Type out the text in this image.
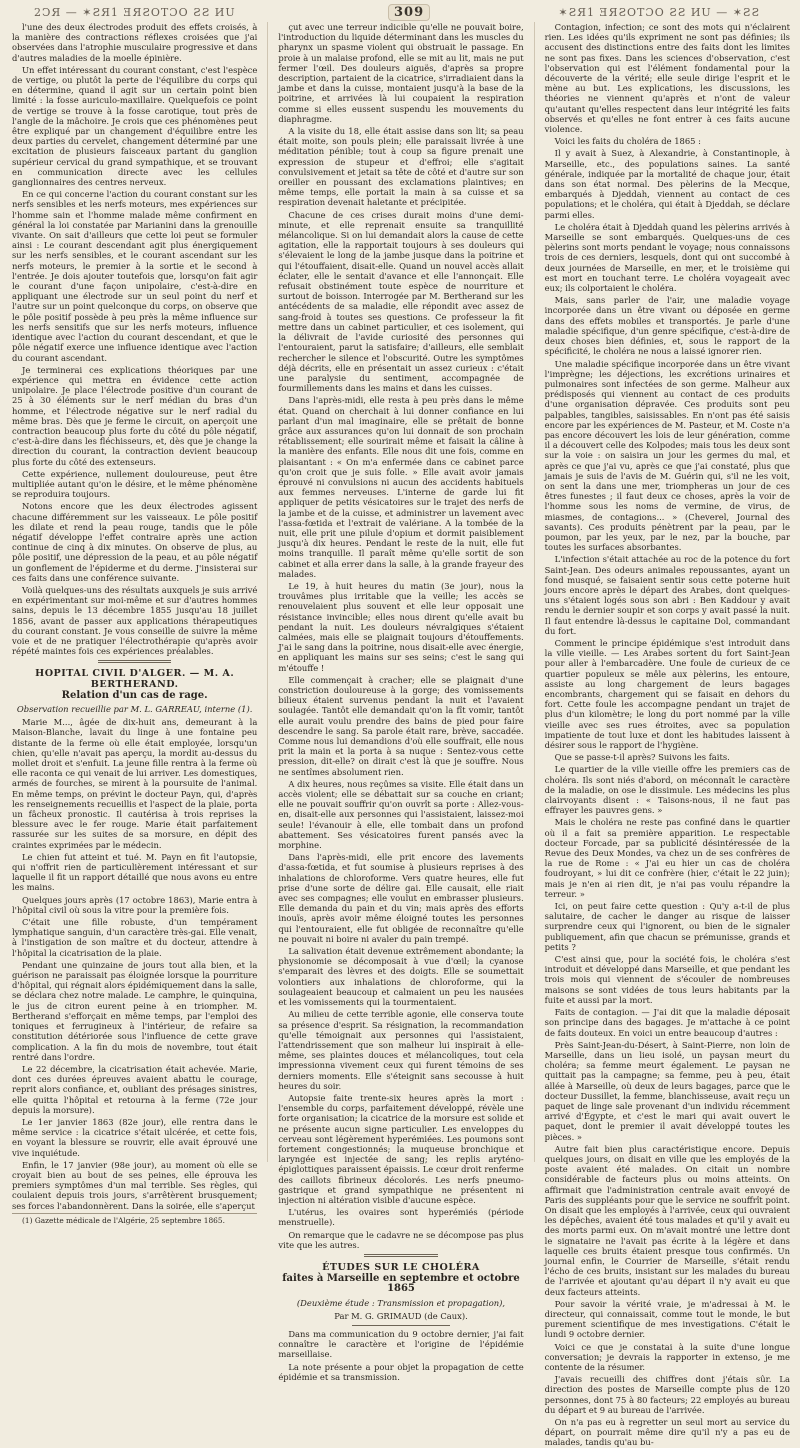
2ϽЯ — ✶ƧЯ1 ƎЯƧOTƆO ƧƧ ИU	309	✶ƧЯ1 ƎЯƧOTƆO ƧƧ ИU — ✶ƧƧ

l'une des deux électrodes produit des effets croisés, à la manière des contractions réflexes croisées que j'ai observées dans l'atrophie musculaire progressive et dans d'autres maladies de la moelle épinière.

Un effet intéressant du courant constant, c'est l'espèce de vertige, ou plutôt la perte de l'équilibre du corps qui en détermine, quand il agit sur un certain point bien limité : la fosse auriculo-maxillaire. Quelquefois ce point de vertige se trouve à la fosse carotique, tout près de l'angle de la mâchoire. Je crois que ces phénomènes peut être expliqué par un changement d'équilibre entre les deux parties du cervelet, changement déterminé par une excitation de plusieurs faisceaux partant du ganglion supérieur cervical du grand sympathique, et se trouvant en communication directe avec les cellules ganglionnaires des centres nerveux.

En ce qui concerne l'action du courant constant sur les nerfs sensibles et les nerfs moteurs, mes expériences sur l'homme sain et l'homme malade même confirment en général la loi constatée par Marianini dans la grenouille vivante. On sait d'ailleurs que cette loi peut se formuler ainsi : Le courant descendant agit plus énergiquement sur les nerfs sensibles, et le courant ascendant sur les nerfs moteurs, le premier à la sortie et le second à l'entrée. Je dois ajouter toutefois que, lorsqu'on fait agir le courant d'une façon unipolaire, c'est-à-dire en appliquant une électrode sur un seul point du nerf et l'autre sur un point quelconque du corps, on observe que le pôle positif possède à peu près la même influence sur les nerfs sensitifs que sur les nerfs moteurs, influence identique avec l'action du courant descendant, et que le pôle négatif exerce une influence identique avec l'action du courant ascendant.

Je terminerai ces explications théoriques par une expérience qui mettra en évidence cette action unipolaire. Je place l'électrode positive d'un courant de 25 à 30 éléments sur le nerf médian du bras d'un homme, et l'électrode négative sur le nerf radial du même bras. Dès que je ferme le circuit, on aperçoit une contraction beaucoup plus forte du côté du pôle négatif, c'est-à-dire dans les fléchisseurs, et, dès que je change la direction du courant, la contraction devient beaucoup plus forte du côté des extenseurs.

Cette expérience, nullement douloureuse, peut être multipliée autant qu'on le désire, et le même phénomène se reproduira toujours.

Notons encore que les deux électrodes agissent chacune différemment sur les vaisseaux. Le pôle positif les dilate et rend la peau rouge, tandis que le pôle négatif développe l'effet contraire après une action continue de cinq à dix minutes. On observe de plus, au pôle positif, une dépression de la peau, et au pôle négatif un gonflement de l'épiderme et du derme. J'insisterai sur ces faits dans une conférence suivante.

Voilà quelques-uns des résultats auxquels je suis arrivé en expérimentant sur moi-même et sur d'autres hommes sains, depuis le 13 décembre 1855 jusqu'au 18 juillet 1856, avant de passer aux applications thérapeutiques du courant constant. Je vous conseille de suivre la même voie et de ne pratiquer l'électrothérapie qu'après avoir répété maintes fois ces expériences préalables.

HOPITAL CIVIL D'ALGER. — M. A. BERTHERAND.
Relation d'un cas de rage.
Observation recueillie par M. L. GARREAU, interne (1).

Marie M..., âgée de dix-huit ans, demeurant à la Maison-Blanche, lavait du linge à une fontaine peu distante de la ferme où elle était employée, lorsqu'un chien, qu'elle n'avait pas aperçu, la mordit au-dessus du mollet droit et s'enfuit. La jeune fille rentra à la ferme où elle raconta ce qui venait de lui arriver. Les domestiques, armés de fourches, se mirent à la poursuite de l'animal. En même temps, on prévint le docteur Payn, qui, d'après les renseignements recueillis et l'aspect de la plaie, porta un fâcheux pronostic. Il cautérisa à trois reprises la blessure avec le fer rouge. Marie était parfaitement rassurée sur les suites de sa morsure, en dépit des craintes exprimées par le médecin.

Le chien fut atteint et tué. M. Payn en fit l'autopsie, qui n'offrit rien de particulièrement intéressant et sur laquelle il fit un rapport détaillé que nous avons eu entre les mains.

Quelques jours après (17 octobre 1863), Marie entra à l'hôpital civil où sous la vitre pour la première fois.

C'était une fille robuste, d'un tempérament lymphatique sanguin, d'un caractère très-gai. Elle venait, à l'instigation de son maître et du docteur, attendre à l'hôpital la cicatrisation de la plaie.

Pendant une quinzaine de jours tout alla bien, et la guérison ne paraissait pas éloignée lorsque la pourriture d'hôpital, qui régnait alors épidémiquement dans la salle, se déclara chez notre malade. Le camphre, le quinquina, le jus de citron eurent peine à en triompher. M. Bertherand s'efforçait en même temps, par l'emploi des toniques et ferrugineux à l'intérieur, de refaire sa constitution détériorée sous l'influence de cette grave complication. A la fin du mois de novembre, tout était rentré dans l'ordre.

Le 22 décembre, la cicatrisation était achevée. Marie, dont ces durées épreuves avaient abattu le courage, reprit alors confiance, et, oubliant des présages sinistres, elle quitta l'hôpital et retourna à la ferme (72e jour depuis la morsure).

Le 1er janvier 1863 (82e jour), elle rentra dans le même service : la cicatrice s'était ulcérée, et cette fois, en voyant la blessure se rouvrir, elle avait éprouvé une vive inquiétude.

Enfin, le 17 janvier (98e jour), au moment où elle se croyait bien au bout de ses peines, elle éprouva les premiers symptômes d'un mal terrible. Ses règles, qui coulaient depuis trois jours, s'arrêtèrent brusquement; ses forces l'abandonnèrent. Dans la soirée, elle s'aperçut

(1) Gazette médicale de l'Algérie, 25 septembre 1865.

çut avec une terreur indicible qu'elle ne pouvait boire, l'introduction du liquide déterminant dans les muscles du pharynx un spasme violent qui obstruait le passage. En proie à un malaise profond, elle se mit au lit, mais ne put fermer l'œil. Des douleurs aiguës, d'après sa propre description, partaient de la cicatrice, s'irradiaient dans la jambe et dans la cuisse, montaient jusqu'à la base de la poitrine, et arrivées là lui coupaient la respiration comme si elles eussent suspendu les mouvements du diaphragme.

A la visite du 18, elle était assise dans son lit; sa peau était moite, son pouls plein; elle paraissait livrée à une méditation pénible; tout à coup sa figure prenait une expression de stupeur et d'effroi; elle s'agitait convulsivement et jetait sa tête de côté et d'autre sur son oreiller en poussant des exclamations plaintives; en même temps, elle portait la main à sa cuisse et sa respiration devenait haletante et précipitée.

Chacune de ces crises durait moins d'une demi-minute, et elle reprenait ensuite sa tranquillité mélancolique. Si on lui demandait alors la cause de cette agitation, elle la rapportait toujours à ses douleurs qui s'élevaient le long de la jambe jusque dans la poitrine et qui l'étouffaient, disait-elle. Quand un nouvel accès allait éclater, elle le sentait d'avance et elle l'annonçait. Elle refusait obstinément toute espèce de nourriture et surtout de boisson. Interrogée par M. Bertherand sur les antécédents de sa maladie, elle répondit avec assez de sang-froid à toutes ses questions. Ce professeur la fit mettre dans un cabinet particulier, et ces isolement, qui la délivrait de l'avide curiosité des personnes qui l'entouraient, parut la satisfaire; d'ailleurs, elle semblait rechercher le silence et l'obscurité. Outre les symptômes déjà décrits, elle en présentait un assez curieux : c'était une paralysie du sentiment, accompagnée de fourmillements dans les mains et dans les cuisses.

Dans l'après-midi, elle resta à peu près dans le même état. Quand on cherchait à lui donner confiance en lui parlant d'un mal imaginaire, elle se prêtait de bonne grâce aux assurances qu'on lui donnait de son prochain rétablissement; elle sourirait même et faisait la câline à la manière des enfants. Elle nous dit une fois, comme en plaisantant : « On m'a enfermée dans ce cabinet parce qu'on croit que je suis folle. » Elle avait avoir jamais éprouvé ni convulsions ni aucun des accidents habituels aux femmes nerveuses. L'interne de garde lui fit appliquer de petits vésicatoires sur le trajet des nerfs de la jambe et de la cuisse, et administrer un lavement avec l'assa-fœtida et l'extrait de valériane. A la tombée de la nuit, elle prit une pilule d'opium et dormit paisiblement jusqu'à dix heures. Pendant le reste de la nuit, elle fut moins tranquille. Il paraît même qu'elle sortit de son cabinet et alla errer dans la salle, à la grande frayeur des malades.

Le 19, à huit heures du matin (3e jour), nous la trouvâmes plus irritable que la veille; les accès se renouvelaient plus souvent et elle leur opposait une résistance invincible; elles nous dirent qu'elle avait bu pendant la nuit. Les douleurs névralgiques s'étaient calmées, mais elle se plaignait toujours d'étouffements. J'ai le sang dans la poitrine, nous disait-elle avec énergie, en appliquant les mains sur ses seins; c'est le sang qui m'étouffe !

Elle commençait à cracher; elle se plaignait d'une constriction douloureuse à la gorge; des vomissements bilieux étaient survenus pendant la nuit et l'avaient soulagée. Tantôt elle demandait qu'on la fît vomir, tantôt elle aurait voulu prendre des bains de pied pour faire descendre le sang. Sa parole était rare, brève, saccadée. Comme nous lui demandions d'où elle souffrait, elle nous prit la main et la porta à sa nuque : Sentez-vous cette pression, dit-elle? on dirait c'est là que je souffre. Nous ne sentîmes absolument rien.

A dix heures, nous reçûmes sa visite. Elle était dans un accès violent; elle se débattait sur sa couche en criant; elle ne pouvait souffrir qu'on ouvrît sa porte : Allez-vous-en, disait-elle aux personnes qui l'assistaient, laissez-moi seule! l'évanouir à elle, elle tombait dans un profond abattement. Ses vésicatoires furent pansés avec la morphine.

Dans l'après-midi, elle prit encore des lavements d'assa-fœtida, et fut soumise à plusieurs reprises à des inhalations de chloroforme. Vers quatre heures, elle fut prise d'une sorte de délire gai. Elle causait, elle riait avec ses compagnes; elle voulut en embrasser plusieurs. Elle demanda du pain et du vin; mais après des efforts inouïs, après avoir même éloigné toutes les personnes qui l'entouraient, elle fut obligée de reconnaître qu'elle ne pouvait ni boire ni avaler du pain trempé.

La salivation était devenue extrêmement abondante; la physionomie se décomposait à vue d'œil; la cyanose s'emparait des lèvres et des doigts. Elle se soumettait volontiers aux inhalations de chloroforme, qui la soulageaient beaucoup et calmaient un peu les nausées et les vomissements qui la tourmentaient.

Au milieu de cette terrible agonie, elle conserva toute sa présence d'esprit. Sa résignation, la recommandation qu'elle témoignait aux personnes qui l'assistaient, l'attendrissement que son malheur lui inspirait à elle-même, ses plaintes douces et mélancoliques, tout cela impressionna vivement ceux qui furent témoins de ses derniers moments. Elle s'éteignit sans secousse à huit heures du soir.

Autopsie faite trente-six heures après la mort : l'ensemble du corps, parfaitement développé, révèle une forte organisation; la cicatrice de la morsure est solide et ne présente aucun signe particulier. Les enveloppes du cerveau sont légèrement hyperémiées. Les poumons sont fortement congestionnés; la muqueuse bronchique et laryngée est injectée de sang; les replis aryténo-épiglottiques paraissent épaissis. Le cœur droit renferme des caillots fibrineux décolorés. Les nerfs pneumo-gastrique et grand sympathique ne présentent ni injection ni altération visible d'aucune espèce.

L'utérus, les ovaires sont hyperémiés (période menstruelle).

On remarque que le cadavre ne se décompose pas plus vite que les autres.

ÉTUDES SUR LE CHOLÉRA
faites à Marseille en septembre et octobre 1865
(Deuxième étude : Transmission et propagation),
Par M. G. GRIMAUD (de Caux).

Dans ma communication du 9 octobre dernier, j'ai fait connaître le caractère et l'origine de l'épidémie marseillaise.

La note présente a pour objet la propagation de cette épidémie et sa transmission.

Contagion, infection; ce sont des mots qui n'éclairent rien. Les idées qu'ils expriment ne sont pas définies; ils accusent des distinctions entre des faits dont les limites ne sont pas fixes. Dans les sciences d'observation, c'est l'observation qui est l'élément fondamental pour la découverte de la vérité; elle seule dirige l'esprit et le mène au but. Les explications, les discussions, les théories ne viennent qu'après et n'ont de valeur qu'autant qu'elles respectent dans leur intégrité les faits observés et qu'elles ne font entrer à ces faits aucune violence.

Voici les faits du choléra de 1865 :

Il y avait à Suez, à Alexandrie, à Constantinople, à Marseille, etc., des populations saines. La santé générale, indiquée par la mortalité de chaque jour, était dans son état normal. Des pèlerins de la Mecque, embarqués à Djeddah, viennent au contact de ces populations; et le choléra, qui était à Djeddah, se déclare parmi elles.

Le choléra était à Djeddah quand les pèlerins arrivés à Marseille se sont embarqués. Quelques-uns de ces pèlerins sont morts pendant le voyage; nous connaissons trois de ces derniers, lesquels, dont qui ont succombé à deux journées de Marseille, en mer, et le troisième qui est mort en touchant terre. Le choléra voyageait avec eux; ils colportaient le choléra.

Mais, sans parler de l'air, une maladie voyage incorporée dans un être vivant ou déposée en germe dans des effets mobiles et transportés. Je parle d'une maladie spécifique, d'un genre spécifique, c'est-à-dire de deux choses bien définies, et, sous le rapport de la spécificité, le choléra ne nous a laissé ignorer rien.

Une maladie spécifique incorporée dans un être vivant l'imprègne; les déjections, les excrétions urinaires et pulmonaires sont infectées de son germe. Malheur aux prédisposés qui viennent au contact de ces produits d'une organisation dépravée. Ces produits sont peu palpables, tangibles, saisissables. En n'ont pas été saisis encore par les expériences de M. Pasteur, et M. Coste n'a pas encore découvert les lois de leur génération, comme il a découvert celle des Kolpodes; mais tous les deux sont sur la voie : on saisira un jour les germes du mal, et après ce que j'ai vu, après ce que j'ai constaté, plus que jamais je suis de l'avis de M. Guérin qui, s'il ne les voit, on sent la dans une mer, triompheras un jour de ces êtres funestes ; il faut deux ce choses, après la voir de l'homme sous les noms de vermine, de virus, de miasmes, de contagions... » (Cheverel, Journal des savants). Ces produits pénètrent par la peau, par le poumon, par les yeux, par le nez, par la bouche, par toutes les surfaces absorbantes.

L'infection s'était attachée au roc de la potence du fort Saint-Jean. Des odeurs animales repoussantes, ayant un fond musqué, se faisaient sentir sous cette poterne huit jours encore après le départ des Arabes, dont quelques-uns s'étaient logés sous son abri : Ben Kaddour y avait rendu le dernier soupir et son corps y avait passé la nuit. Il faut entendre là-dessus le capitaine Dol, commandant du fort.

Comment le principe épidémique s'est introduit dans la ville vieille. — Les Arabes sortent du fort Saint-Jean pour aller à l'embarcadère. Une foule de curieux de ce quartier populeux se mêle aux pèlerins, les entoure, assiste au long chargement de leurs bagages encombrants, chargement qui se faisait en dehors du fort. Cette foule les accompagne pendant un trajet de plus d'un kilomètre; le long du port nommé par la ville vieille avec ses rues étroites, avec sa population impatiente de tout luxe et dont les habitudes laissent à désirer sous le rapport de l'hygiène.

Que se passe-t-il après? Suivons les faits.

Le quartier de la ville vieille offre les premiers cas de choléra. Ils sont niés d'abord, on méconnaît le caractère de la maladie, on ose le dissimule. Les médecins les plus clairvoyants disent : « Taisons-nous, il ne faut pas effrayer les pauvres gens. »

Mais le choléra ne reste pas confiné dans le quartier où il a fait sa première apparition. Le respectable docteur Forcade, par sa publicité désintéressée de la Revue des Deux Mondes, va chez un de ses confrères de la rue de Rome : « J'ai eu hier un cas de choléra foudroyant, » lui dit ce confrère (hier, c'était le 22 juin); mais je n'en ai rien dit, je n'ai pas voulu répandre la terreur. »

Ici, on peut faire cette question : Qu'y a-t-il de plus salutaire, de cacher le danger au risque de laisser surprendre ceux qui l'ignorent, ou bien de le signaler publiquement, afin que chacun se prémunisse, grands et petits ?

C'est ainsi que, pour la société fois, le choléra s'est introduit et développé dans Marseille, et que pendant les trois mois qui viennent de s'écouler de nombreuses maisons se sont vidées de tous leurs habitants par la fuite et aussi par la mort.

Faits de contagion. — J'ai dit que la maladie déposait son principe dans des bagages. Je m'attache à ce point de faits douteux. En voici un entre beaucoup d'autres :

Près Saint-Jean-du-Désert, à Saint-Pierre, non loin de Marseille, dans un lieu isolé, un paysan meurt du choléra; sa femme meurt également. Le paysan ne quittait pas la campagne; sa femme, peu à peu, était allée à Marseille, où deux de leurs bagages, parce que le docteur Dussillet, la femme, blanchisseuse, avait reçu un paquet de linge sale provenant d'un individu récemment arrivé d'Égypte, et c'est le mari qui avait ouvert le paquet, dont le premier il avait développé toutes les pièces. »

Autre fait bien plus caractéristique encore. Depuis quelques jours, on disait en ville que les employés de la poste avaient été malades. On citait un nombre considérable de facteurs plus ou moins atteints. On affirmait que l'administration centrale avait envoyé de Paris des suppléants pour que le service ne souffrît point. On disait que les employés à l'arrivée, ceux qui ouvraient les dépêches, avaient été tous malades et qu'il y avait eu des morts parmi eux. On m'avait montré une lettre dont le signataire ne l'avait pas écrite à la légère et dans laquelle ces bruits étaient presque tous confirmés. Un journal enfin, le Courrier de Marseille, s'était rendu l'écho de ces bruits, insistant sur les malades du bureau de l'arrivée et ajoutant qu'au départ il n'y avait eu que deux facteurs atteints.

Pour savoir la vérité vraie, je m'adressai à M. le directeur, qui connaissait, comme tout le monde, le but purement scientifique de mes investigations. C'était le lundi 9 octobre dernier.

Voici ce que je constatai à la suite d'une longue conversation; je devrais la rapporter in extenso, je me contente de la résumer.

J'avais recueilli des chiffres dont j'étais sûr. La direction des postes de Marseille compte plus de 120 personnes, dont 75 à 80 facteurs; 22 employés au bureau du départ et 9 au bureau de l'arrivée.

On n'a pas eu à regretter un seul mort au service du départ, on pourrait même dire qu'il n'y a pas eu de malades, tandis qu'au bu-
